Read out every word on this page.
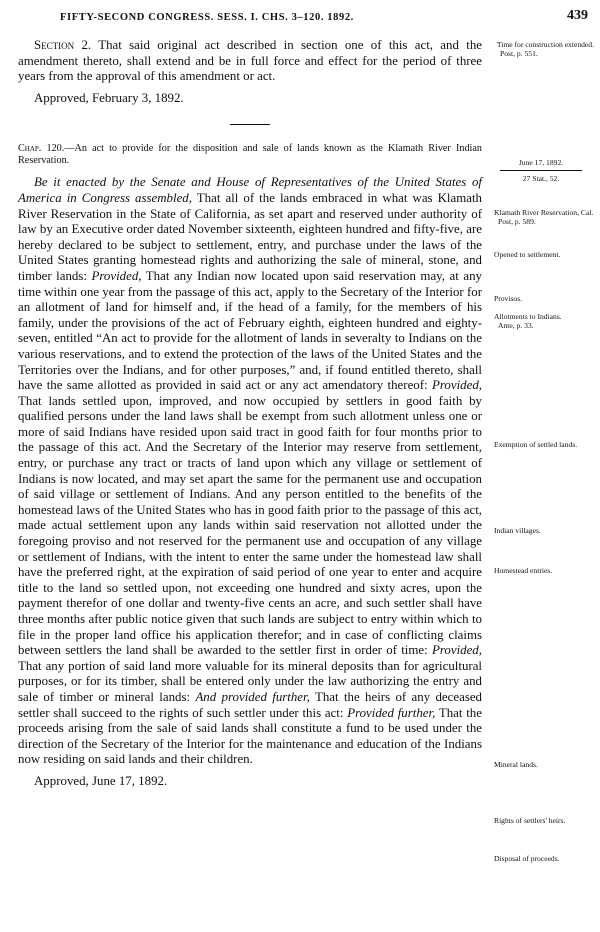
FIFTY-SECOND CONGRESS. SESS. I. CHS. 3–120. 1892.	439

Section 2. That said original act described in section one of this act, and the amendment thereto, shall extend and be in full force and effect for the period of three years from the approval of this amendment or act.

Approved, February 3, 1892.

Chap. 120.—An act to provide for the disposition and sale of lands known as the Klamath River Indian Reservation.

Be it enacted by the Senate and House of Representatives of the United States of America in Congress assembled, That all of the lands embraced in what was Klamath River Reservation in the State of California, as set apart and reserved under authority of law by an Executive order dated November sixteenth, eighteen hundred and fifty-five, are hereby declared to be subject to settlement, entry, and purchase under the laws of the United States granting homestead rights and authorizing the sale of mineral, stone, and timber lands: Provided, That any Indian now located upon said reservation may, at any time within one year from the passage of this act, apply to the Secretary of the Interior for an allotment of land for himself and, if the head of a family, for the members of his family, under the provisions of the act of February eighth, eighteen hundred and eighty-seven, entitled “An act to provide for the allotment of lands in severalty to Indians on the various reservations, and to extend the protection of the laws of the United States and the Territories over the Indians, and for other purposes,” and, if found entitled thereto, shall have the same allotted as provided in said act or any act amendatory thereof: Provided, That lands settled upon, improved, and now occupied by settlers in good faith by qualified persons under the land laws shall be exempt from such allotment unless one or more of said Indians have resided upon said tract in good faith for four months prior to the passage of this act. And the Secretary of the Interior may reserve from settlement, entry, or purchase any tract or tracts of land upon which any village or settlement of Indians is now located, and may set apart the same for the permanent use and occupation of said village or settlement of Indians. And any person entitled to the benefits of the homestead laws of the United States who has in good faith prior to the passage of this act, made actual settlement upon any lands within said reservation not allotted under the foregoing proviso and not reserved for the permanent use and occupation of any village or settlement of Indians, with the intent to enter the same under the homestead law shall have the preferred right, at the expiration of said period of one year to enter and acquire title to the land so settled upon, not exceeding one hundred and sixty acres, upon the payment therefor of one dollar and twenty-five cents an acre, and such settler shall have three months after public notice given that such lands are subject to entry within which to file in the proper land office his application therefor; and in case of conflicting claims between settlers the land shall be awarded to the settler first in order of time: Provided, That any portion of said land more valuable for its mineral deposits than for agricultural purposes, or for its timber, shall be entered only under the law authorizing the entry and sale of timber or mineral lands: And provided further, That the heirs of any deceased settler shall succeed to the rights of such settler under this act: Provided further, That the proceeds arising from the sale of said lands shall constitute a fund to be used under the direction of the Secretary of the Interior for the maintenance and education of the Indians now residing on said lands and their children.

Approved, June 17, 1892.

Time for construction extended.
Post, p. 551.
June 17, 1892.
27 Stat., 52.
Klamath River Reservation, Cal.
Post, p. 589.
Opened to settlement.
Provisos.
Allotments to Indians.
Ante, p. 33.
Exemption of settled lands.
Indian villages.
Homestead entries.
Mineral lands.
Rights of settlers' heirs.
Disposal of proceeds.
